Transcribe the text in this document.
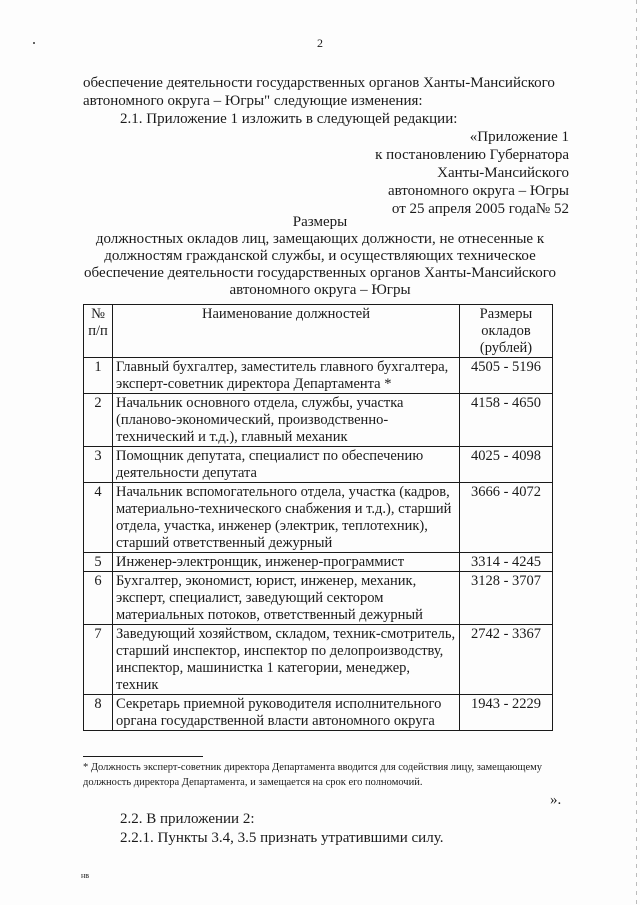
2
обеспечение деятельности государственных органов Ханты-Мансийского
автономного округа – Югры" следующие изменения:
2.1. Приложение 1 изложить в следующей редакции:
«Приложение 1
к постановлению Губернатора
Ханты-Мансийского
автономного округа – Югры
от 25 апреля 2005 года№ 52
Размеры
должностных окладов лиц, замещающих должности, не отнесенные к
должностям гражданской службы, и осуществляющих техническое
обеспечение деятельности государственных органов Ханты-Мансийского
автономного округа – Югры
№ п/п	Наименование должностей	Размеры окладов (рублей)
1	Главный бухгалтер, заместитель главного бухгалтера, эксперт-советник директора Департамента *	4505 - 5196
2	Начальник основного отдела, службы, участка (планово-экономический, производственно-технический и т.д.), главный механик	4158 - 4650
3	Помощник депутата, специалист по обеспечению деятельности депутата	4025 - 4098
4	Начальник вспомогательного отдела, участка (кадров, материально-технического снабжения и т.д.), старший отдела, участка, инженер (электрик, теплотехник), старший ответственный дежурный	3666 - 4072
5	Инженер-электронщик, инженер-программист	3314 - 4245
6	Бухгалтер, экономист, юрист, инженер, механик, эксперт, специалист, заведующий сектором материальных потоков, ответственный дежурный	3128 - 3707
7	Заведующий хозяйством, складом, техник-смотритель, старший инспектор, инспектор по делопроизводству, инспектор, машинистка 1 категории, менеджер, техник	2742 - 3367
8	Секретарь приемной руководителя исполнительного органа государственной власти автономного округа	1943 - 2229
* Должность эксперт-советник директора Департамента вводится для содействия лицу, замещающему должность директора Департамента, и замещается на срок его полномочий.
».
2.2. В приложении 2:
2.2.1. Пункты 3.4, 3.5 признать утратившими силу.
нв
